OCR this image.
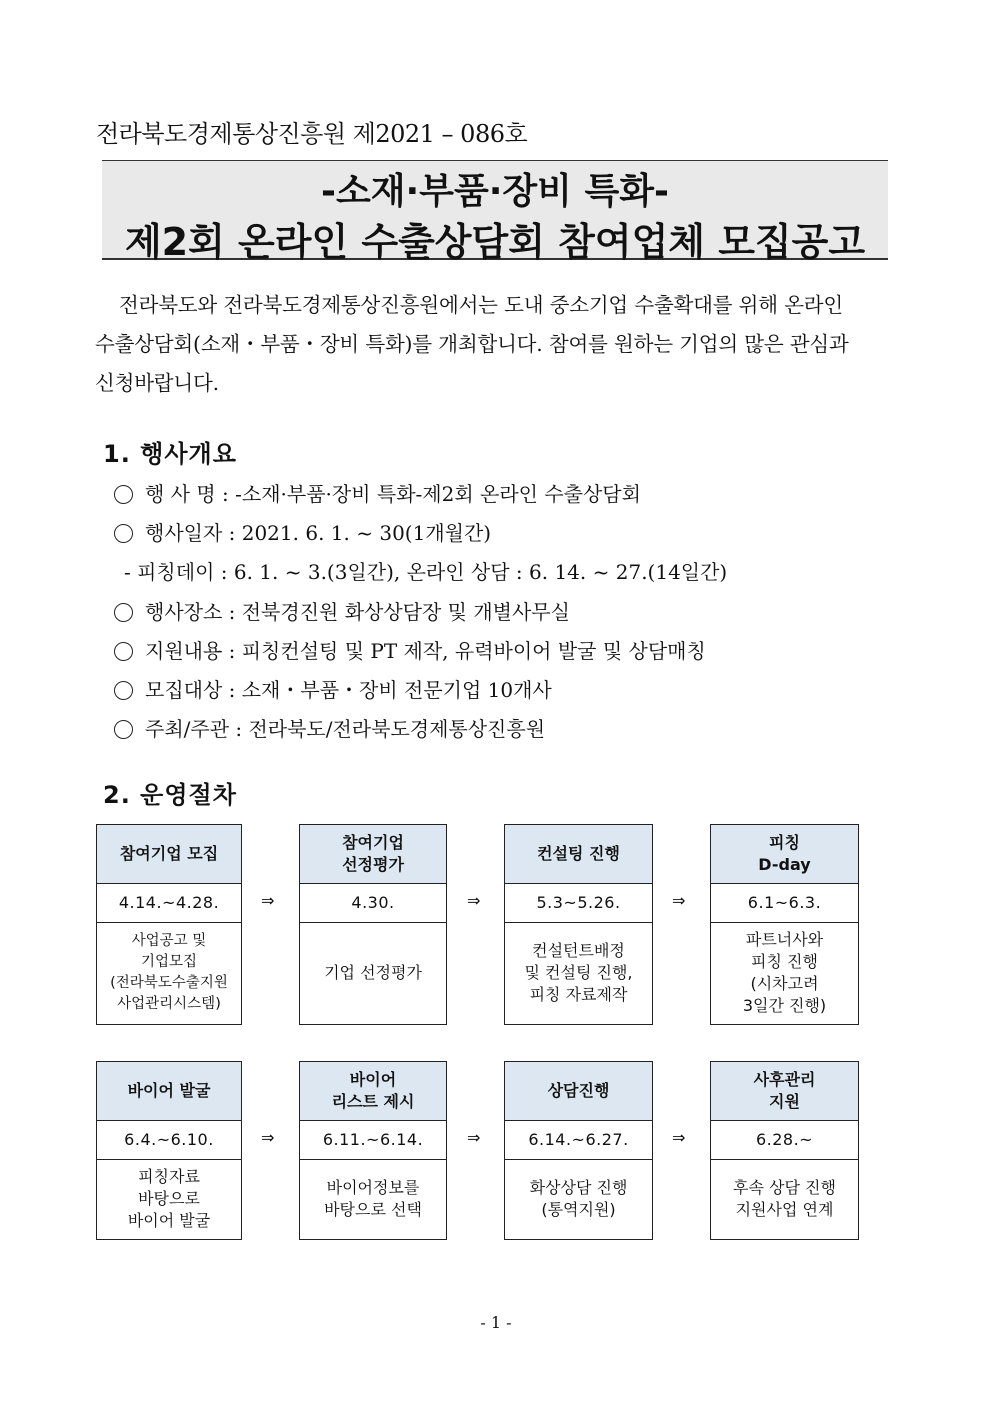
전라북도경제통상진흥원 제2021 – 086호
-소재·부품·장비 특화-
제2회 온라인 수출상담회 참여업체 모집공고
전라북도와 전라북도경제통상진흥원에서는 도내 중소기업 수출확대를 위해 온라인
수출상담회(소재・부품・장비 특화)를 개최합니다. 참여를 원하는 기업의 많은 관심과
신청바랍니다.
1. 행사개요
행 사 명 : -소재·부품·장비 특화-제2회 온라인 수출상담회
행사일자 : 2021. 6. 1. ~ 30(1개월간)
- 피칭데이 : 6. 1. ~ 3.(3일간), 온라인 상담 : 6. 14. ~ 27.(14일간)
행사장소 : 전북경진원 화상상담장 및 개별사무실
지원내용 : 피칭컨설팅 및 PT 제작, 유력바이어 발굴 및 상담매칭
모집대상 : 소재・부품・장비 전문기업 10개사
주최/주관 : 전라북도/전라북도경제통상진흥원
2. 운영절차
참여기업 모집
4.14.~4.28.
사업공고 및
기업모집
(전라북도수출지원
사업관리시스템)
⇒
참여기업
선정평가
4.30.
기업 선정평가
⇒
컨설팅 진행
5.3~5.26.
컨설턴트배정
및 컨설팅 진행,
피칭 자료제작
⇒
피칭
D-day
6.1~6.3.
파트너사와
피칭 진행
(시차고려
3일간 진행)
바이어 발굴
6.4.~6.10.
피칭자료
바탕으로
바이어 발굴
⇒
바이어
리스트 제시
6.11.~6.14.
바이어정보를
바탕으로 선택
⇒
상담진행
6.14.~6.27.
화상상담 진행
(통역지원)
⇒
사후관리
지원
6.28.~
후속 상담 진행
지원사업 연계
- 1 -
